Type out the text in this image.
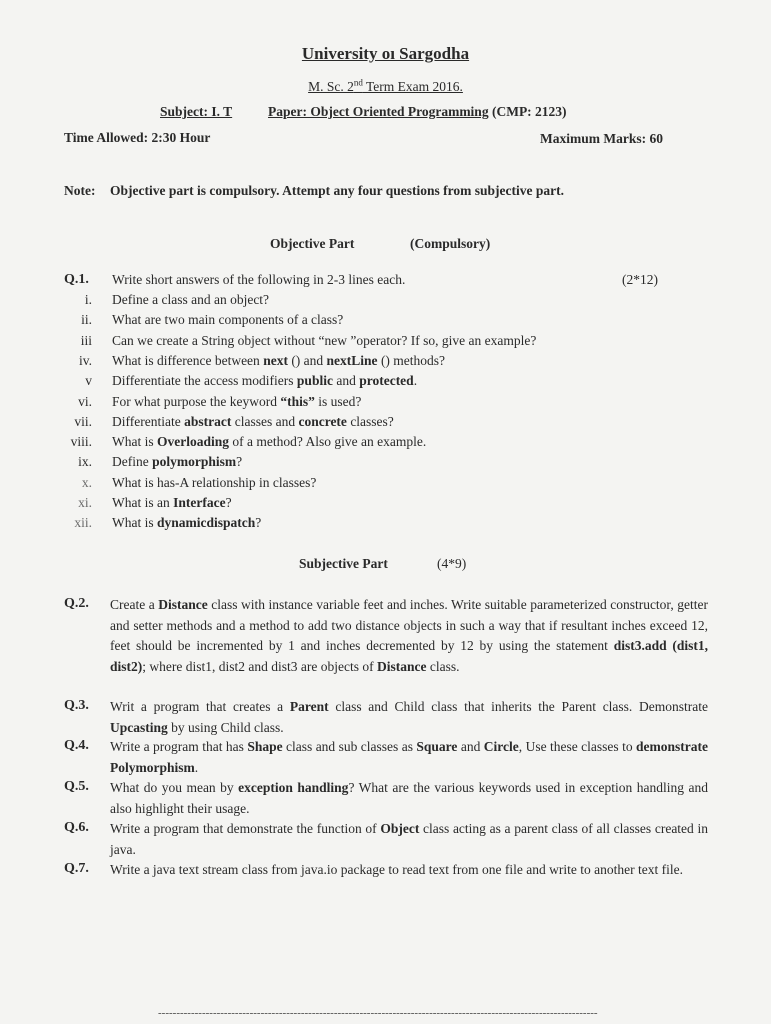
University oı Sargodha
M. Sc. 2nd Term Exam 2016.
Subject: I. T	Paper: Object Oriented Programming (CMP: 2123)
Time Allowed: 2:30 Hour	Maximum Marks: 60
Note: Objective part is compulsory. Attempt any four questions from subjective part.
Objective Part	(Compulsory)
Q.1. Write short answers of the following in 2-3 lines each.	(2*12)
i. Define a class and an object?
ii. What are two main components of a class?
iii Can we create a String object without “new ”operator? If so, give an example?
iv. What is difference between next () and nextLine () methods?
v Differentiate the access modifiers public and protected.
vi. For what purpose the keyword “this” is used?
vii. Differentiate abstract classes and concrete classes?
viii. What is Overloading of a method? Also give an example.
ix. Define polymorphism?
x. What is has-A relationship in classes?
xi. What is an Interface?
xii. What is dynamicdispatch?
Subjective Part	(4*9)
Q.2. Create a Distance class with instance variable feet and inches. Write suitable parameterized constructor, getter and setter methods and a method to add two distance objects in such a way that if resultant inches exceed 12, feet should be incremented by 1 and inches decremented by 12 by using the statement dist3.add (dist1, dist2); where dist1, dist2 and dist3 are objects of Distance class.
Q.3. Writ a program that creates a Parent class and Child class that inherits the Parent class. Demonstrate Upcasting by using Child class.
Q.4. Write a program that has Shape class and sub classes as Square and Circle, Use these classes to demonstrate Polymorphism.
Q.5. What do you mean by exception handling? What are the various keywords used in exception handling and also highlight their usage.
Q.6. Write a program that demonstrate the function of Object class acting as a parent class of all classes created in java.
Q.7. Write a java text stream class from java.io package to read text from one file and write to another text file.
------------------------------------------------------------------------------------------------------------------------
